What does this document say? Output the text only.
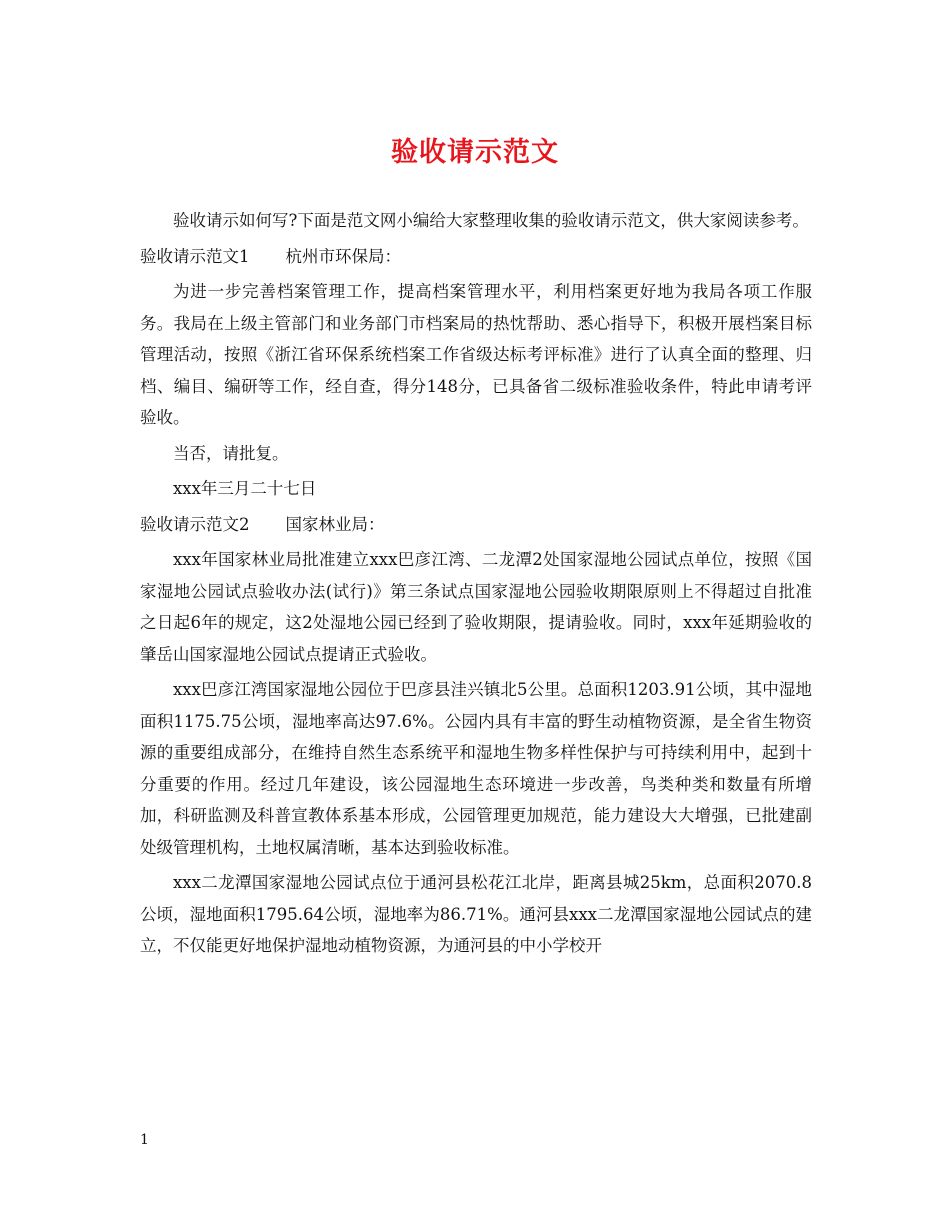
验收请示范文

验收请示如何写?下面是范文网小编给大家整理收集的验收请示范文，供大家阅读参考。

验收请示范文1 杭州市环保局：

为进一步完善档案管理工作，提高档案管理水平，利用档案更好地为我局各项工作服务。我局在上级主管部门和业务部门市档案局的热忱帮助、悉心指导下，积极开展档案目标管理活动，按照《浙江省环保系统档案工作省级达标考评标准》进行了认真全面的整理、归档、编目、编研等工作，经自查，得分148分，已具备省二级标准验收条件，特此申请考评验收。

当否，请批复。

xxx年三月二十七日

验收请示范文2 国家林业局：

xxx年国家林业局批准建立xxx巴彦江湾、二龙潭2处国家湿地公园试点单位，按照《国家湿地公园试点验收办法(试行)》第三条试点国家湿地公园验收期限原则上不得超过自批准之日起6年的规定，这2处湿地公园已经到了验收期限，提请验收。同时，xxx年延期验收的肇岳山国家湿地公园试点提请正式验收。

xxx巴彦江湾国家湿地公园位于巴彦县洼兴镇北5公里。总面积1203.91公顷，其中湿地面积1175.75公顷，湿地率高达97.6%。公园内具有丰富的野生动植物资源，是全省生物资源的重要组成部分，在维持自然生态系统平和湿地生物多样性保护与可持续利用中，起到十分重要的作用。经过几年建设，该公园湿地生态环境进一步改善，鸟类种类和数量有所增加，科研监测及科普宣教体系基本形成，公园管理更加规范，能力建设大大增强，已批建副处级管理机构，土地权属清晰，基本达到验收标准。

xxx二龙潭国家湿地公园试点位于通河县松花江北岸，距离县城25km，总面积2070.8 公顷，湿地面积1795.64公顷，湿地率为86.71%。通河县xxx二龙潭国家湿地公园试点的建立，不仅能更好地保护湿地动植物资源，为通河县的中小学校开

1
